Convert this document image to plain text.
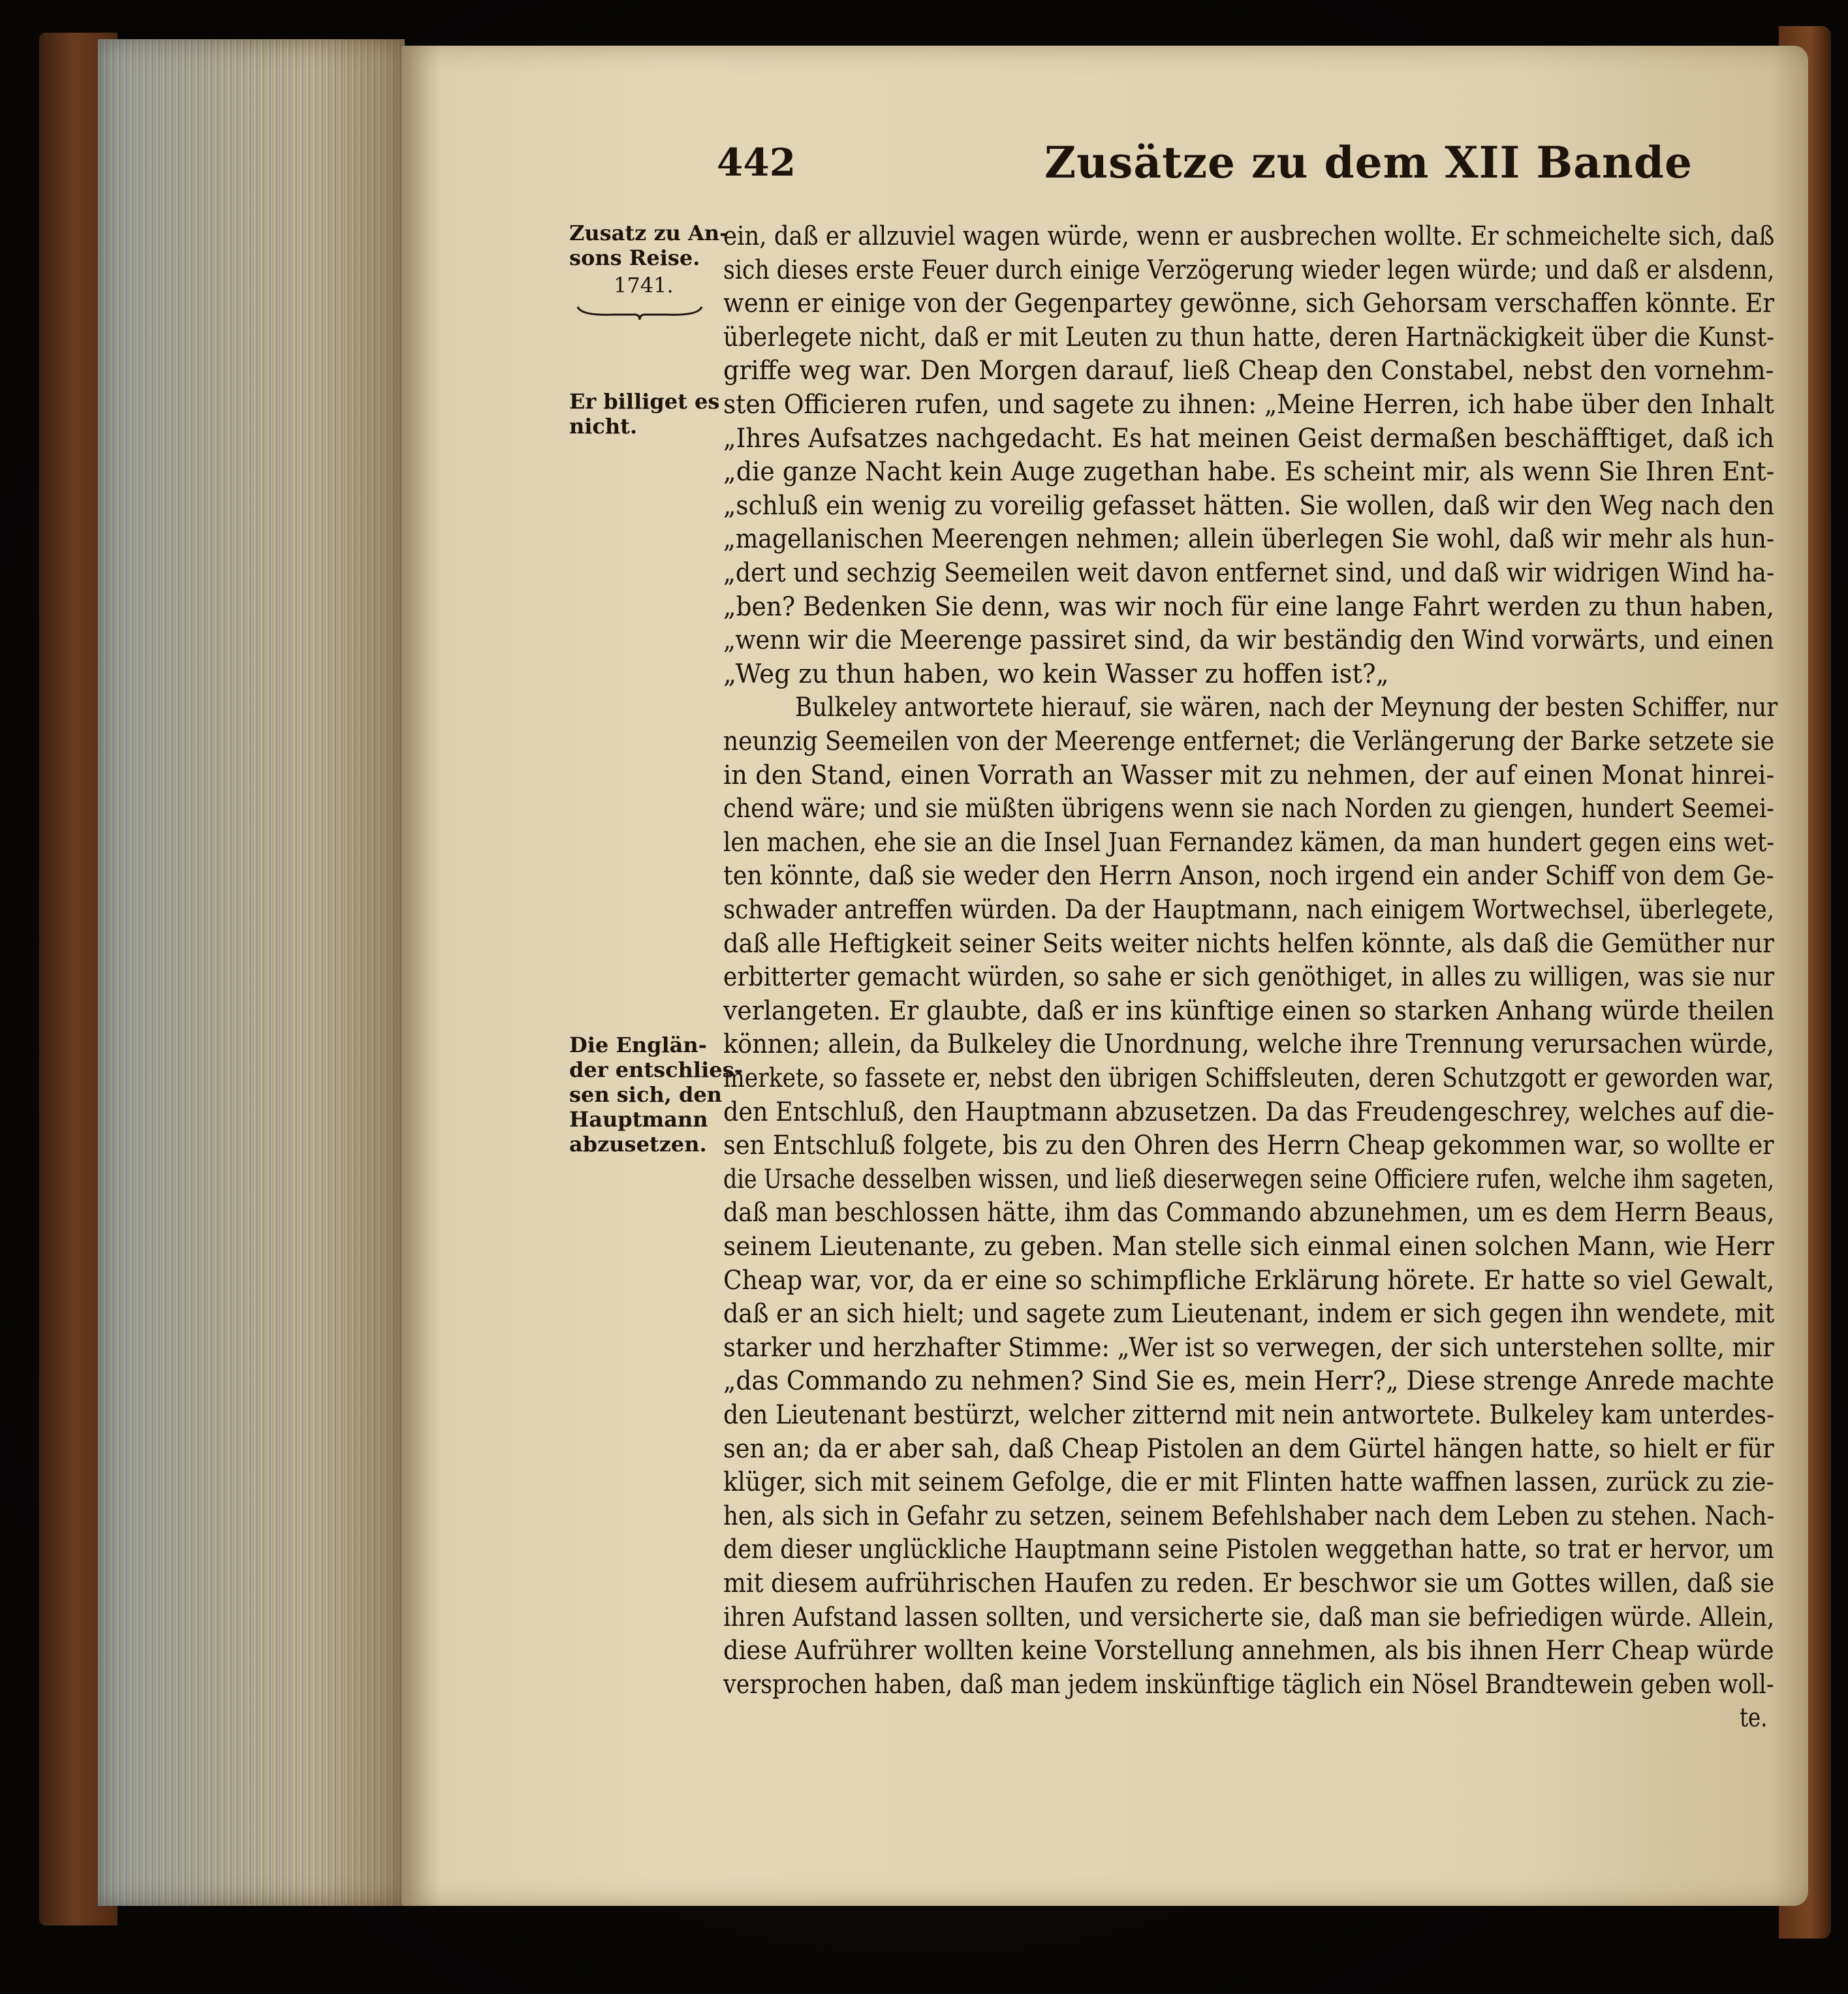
442	Zusätze zu dem XII Bande
Zusatz zu An-
sons Reise.
1741.
Er billiget es
nicht.
Die Englän-
der entschlies-
sen sich, den
Hauptmann
abzusetzen.
ein, daß er allzuviel wagen würde, wenn er ausbrechen wollte. Er schmeichelte sich, daß
sich dieses erste Feuer durch einige Verzögerung wieder legen würde; und daß er alsdenn,
wenn er einige von der Gegenpartey gewönne, sich Gehorsam verschaffen könnte. Er
überlegete nicht, daß er mit Leuten zu thun hatte, deren Hartnäckigkeit über die Kunst-
griffe weg war. Den Morgen darauf, ließ Cheap den Constabel, nebst den vornehm-
sten Officieren rufen, und sagete zu ihnen: „Meine Herren, ich habe über den Inhalt
„Ihres Aufsatzes nachgedacht. Es hat meinen Geist dermaßen beschäfftiget, daß ich
„die ganze Nacht kein Auge zugethan habe. Es scheint mir, als wenn Sie Ihren Ent-
„schluß ein wenig zu voreilig gefasset hätten. Sie wollen, daß wir den Weg nach den
„magellanischen Meerengen nehmen; allein überlegen Sie wohl, daß wir mehr als hun-
„dert und sechzig Seemeilen weit davon entfernet sind, und daß wir widrigen Wind ha-
„ben? Bedenken Sie denn, was wir noch für eine lange Fahrt werden zu thun haben,
„wenn wir die Meerenge passiret sind, da wir beständig den Wind vorwärts, und einen
„Weg zu thun haben, wo kein Wasser zu hoffen ist?„
Bulkeley antwortete hierauf, sie wären, nach der Meynung der besten Schiffer, nur
neunzig Seemeilen von der Meerenge entfernet; die Verlängerung der Barke setzete sie
in den Stand, einen Vorrath an Wasser mit zu nehmen, der auf einen Monat hinrei-
chend wäre; und sie müßten übrigens wenn sie nach Norden zu giengen, hundert Seemei-
len machen, ehe sie an die Insel Juan Fernandez kämen, da man hundert gegen eins wet-
ten könnte, daß sie weder den Herrn Anson, noch irgend ein ander Schiff von dem Ge-
schwader antreffen würden. Da der Hauptmann, nach einigem Wortwechsel, überlegete,
daß alle Heftigkeit seiner Seits weiter nichts helfen könnte, als daß die Gemüther nur
erbitterter gemacht würden, so sahe er sich genöthiget, in alles zu willigen, was sie nur
verlangeten. Er glaubte, daß er ins künftige einen so starken Anhang würde theilen
können; allein, da Bulkeley die Unordnung, welche ihre Trennung verursachen würde,
merkete, so fassete er, nebst den übrigen Schiffsleuten, deren Schutzgott er geworden war,
den Entschluß, den Hauptmann abzusetzen. Da das Freudengeschrey, welches auf die-
sen Entschluß folgete, bis zu den Ohren des Herrn Cheap gekommen war, so wollte er
die Ursache desselben wissen, und ließ dieserwegen seine Officiere rufen, welche ihm sageten,
daß man beschlossen hätte, ihm das Commando abzunehmen, um es dem Herrn Beaus,
seinem Lieutenante, zu geben. Man stelle sich einmal einen solchen Mann, wie Herr
Cheap war, vor, da er eine so schimpfliche Erklärung hörete. Er hatte so viel Gewalt,
daß er an sich hielt; und sagete zum Lieutenant, indem er sich gegen ihn wendete, mit
starker und herzhafter Stimme: „Wer ist so verwegen, der sich unterstehen sollte, mir
„das Commando zu nehmen? Sind Sie es, mein Herr?„ Diese strenge Anrede machte
den Lieutenant bestürzt, welcher zitternd mit nein antwortete. Bulkeley kam unterdes-
sen an; da er aber sah, daß Cheap Pistolen an dem Gürtel hängen hatte, so hielt er für
klüger, sich mit seinem Gefolge, die er mit Flinten hatte waffnen lassen, zurück zu zie-
hen, als sich in Gefahr zu setzen, seinem Befehlshaber nach dem Leben zu stehen. Nach-
dem dieser unglückliche Hauptmann seine Pistolen weggethan hatte, so trat er hervor, um
mit diesem aufrührischen Haufen zu reden. Er beschwor sie um Gottes willen, daß sie
ihren Aufstand lassen sollten, und versicherte sie, daß man sie befriedigen würde. Allein,
diese Aufrührer wollten keine Vorstellung annehmen, als bis ihnen Herr Cheap würde
versprochen haben, daß man jedem inskünftige täglich ein Nösel Brandtewein geben woll-
te.
